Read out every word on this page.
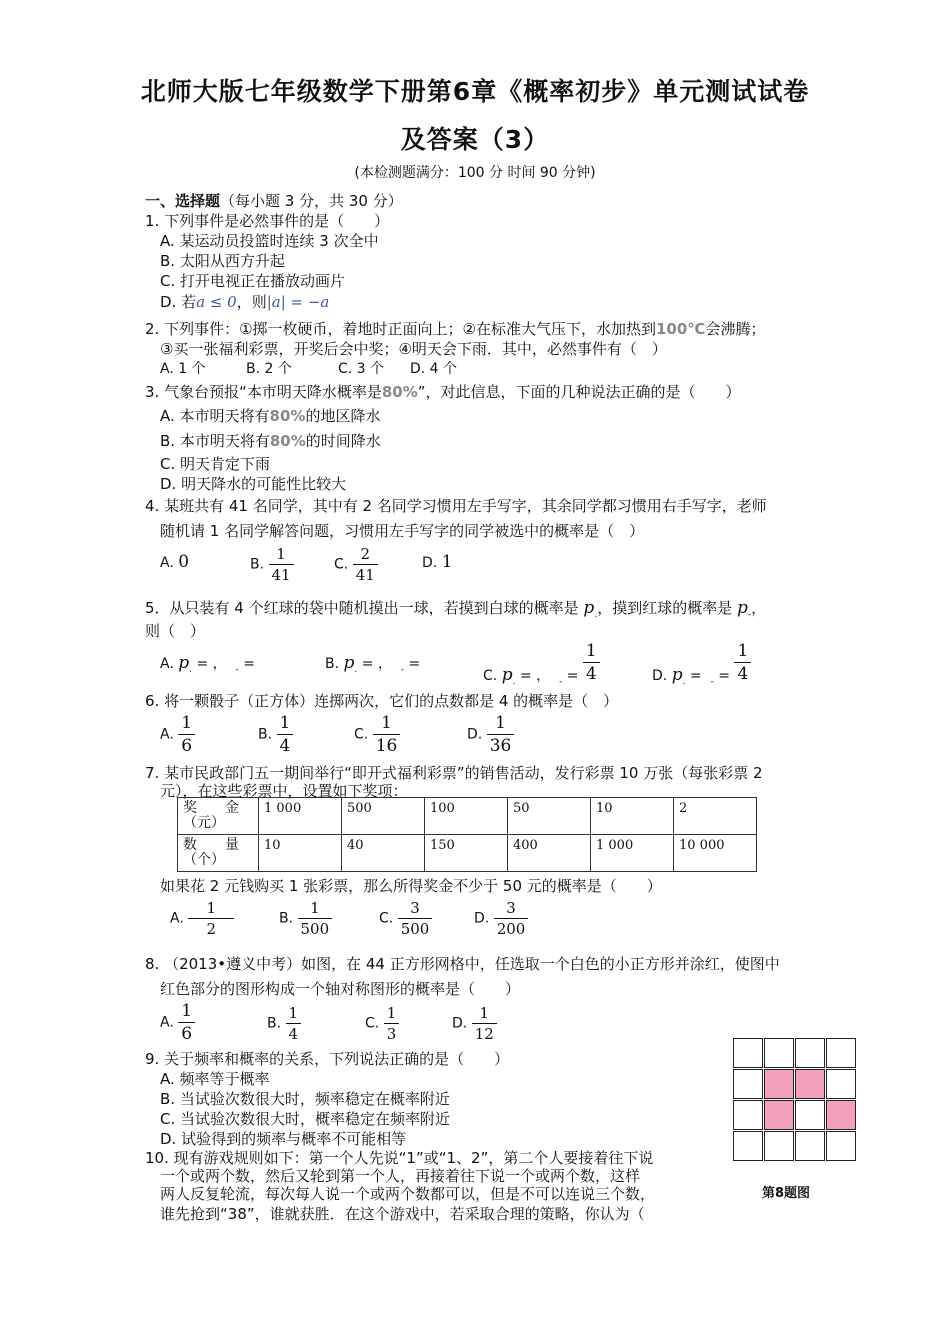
北师大版七年级数学下册第6章《概率初步》单元测试试卷
及答案（3）
(本检测题满分：100 分 时间 90 分钟)
一、选择题（每小题 3 分，共 30 分）
1. 下列事件是必然事件的是（　　）
A. 某运动员投篮时连续 3 次全中
B. 太阳从西方升起
C. 打开电视正在播放动画片
D. 若a ≤ 0，则|a| = −a
2. 下列事件：①掷一枚硬币，着地时正面向上；②在标准大气压下，水加热到100℃会沸腾；
③买一张福利彩票，开奖后会中奖；④明天会下雨．其中，必然事件有（　）
A. 1 个	B. 2 个	C. 3 个 D. 4 个
3. 气象台预报“本市明天降水概率是80%”，对此信息，下面的几种说法正确的是（　　）
A. 本市明天将有80%的地区降水
B. 本市明天将有80%的时间降水
C. 明天肯定下雨
D. 明天降水的可能性比较大
4. 某班共有 41 名同学，其中有 2 名同学习惯用左手写字，其余同学都习惯用右手写字，老师
随机请 1 名同学解答问题，习惯用左手写字的同学被选中的概率是（　）
A. 0	B. $\frac{1}{41}$	C. $\frac{2}{41}$	D. 1
5．从只装有 4 个红球的袋中随机摸出一球，若摸到白球的概率是 $p_.$，摸到红球的概率是 $p_-$，
则（　）
A. $p_.$ = ， $_-$ =	B. $p_.$ = ， $_-$ =
C. $p_.$ = ， $_- = \frac{1}{4}$	D. $p_. = _- = \frac{1}{4}$
6. 将一颗骰子（正方体）连掷两次，它们的点数都是 4 的概率是（　）
A. $\frac{1}{6}$	B. $\frac{1}{4}$	C. $\frac{1}{16}$	D. $\frac{1}{36}$
7. 某市民政部门五一期间举行“即开式福利彩票”的销售活动，发行彩票 10 万张（每张彩票 2
元），在这些彩票中，设置如下奖项：
奖　　金
（元）	1 000	500	100	50	10	2
数　　量
（个）	10	40	150	400	1 000	10 000
如果花 2 元钱购买 1 张彩票，那么所得奖金不少于 50 元的概率是（　　）
A. $\frac{1}{2}$	B. $\frac{1}{500}$	C. $\frac{3}{500}$	D. $\frac{3}{200}$
8. （2013•遵义中考）如图，在 44 正方形网格中，任选取一个白色的小正方形并涂红，使图中
红色部分的图形构成一个轴对称图形的概率是（　　）
A. $\frac{1}{6}$	B. $\frac{1}{4}$	C. $\frac{1}{3}$	D. $\frac{1}{12}$
第8题图
9. 关于频率和概率的关系，下列说法正确的是（　　）
A. 频率等于概率
B. 当试验次数很大时，频率稳定在概率附近
C. 当试验次数很大时，概率稳定在频率附近
D. 试验得到的频率与概率不可能相等
10. 现有游戏规则如下：第一个人先说“1”或“1、2”，第二个人要接着往下说
一个或两个数，然后又轮到第一个人，再接着往下说一个或两个数，这样
两人反复轮流，每次每人说一个或两个数都可以，但是不可以连说三个数，
谁先抢到“38”，谁就获胜．在这个游戏中，若采取合理的策略，你认为（
